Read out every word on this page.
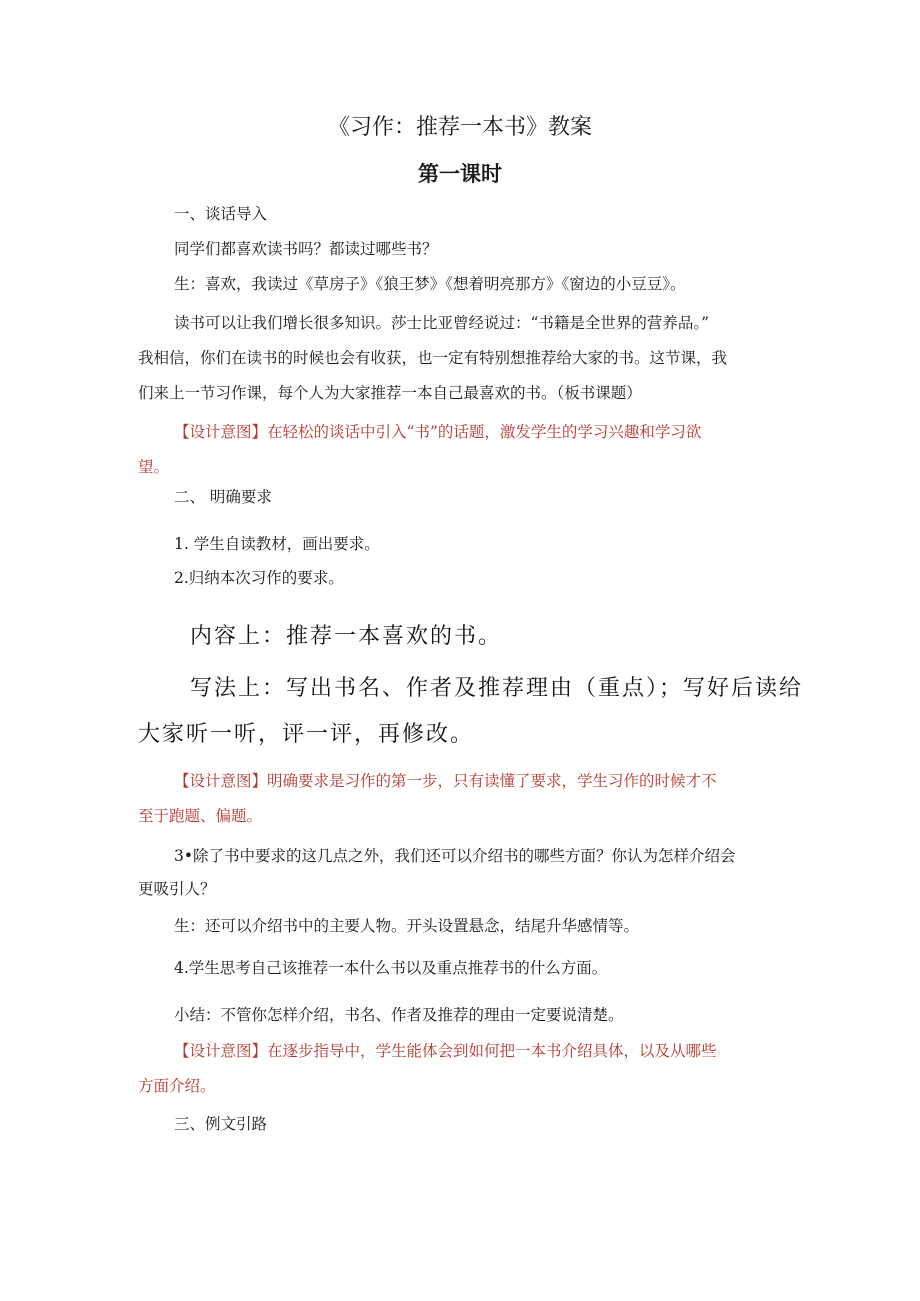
《习作：推荐一本书》教案
第一课时
一、谈话导入
同学们都喜欢读书吗？都读过哪些书？
生：喜欢，我读过《草房子》《狼王梦》《想着明亮那方》《窗边的小豆豆》。
读书可以让我们增长很多知识。莎士比亚曾经说过：“书籍是全世界的营养品。”
我相信，你们在读书的时候也会有收获，也一定有特别想推荐给大家的书。这节课，我
们来上一节习作课，每个人为大家推荐一本自己最喜欢的书。（板书课题）
【设计意图】在轻松的谈话中引入“书”的话题，激发学生的学习兴趣和学习欲
望。
二、 明确要求
1. 学生自读教材，画出要求。
2.归纳本次习作的要求。
内容上：推荐一本喜欢的书。
写法上：写出书名、作者及推荐理由（重点）；写好后读给
大家听一听，评一评，再修改。
【设计意图】明确要求是习作的第一步，只有读懂了要求，学生习作的时候才不
至于跑题、偏题。
3•除了书中要求的这几点之外，我们还可以介绍书的哪些方面？你认为怎样介绍会
更吸引人？
生：还可以介绍书中的主要人物。开头设置悬念，结尾升华感情等。
4.学生思考自己该推荐一本什么书以及重点推荐书的什么方面。
小结：不管你怎样介绍，书名、作者及推荐的理由一定要说清楚。
【设计意图】在逐步指导中，学生能体会到如何把一本书介绍具体，以及从哪些
方面介绍。
三、例文引路
